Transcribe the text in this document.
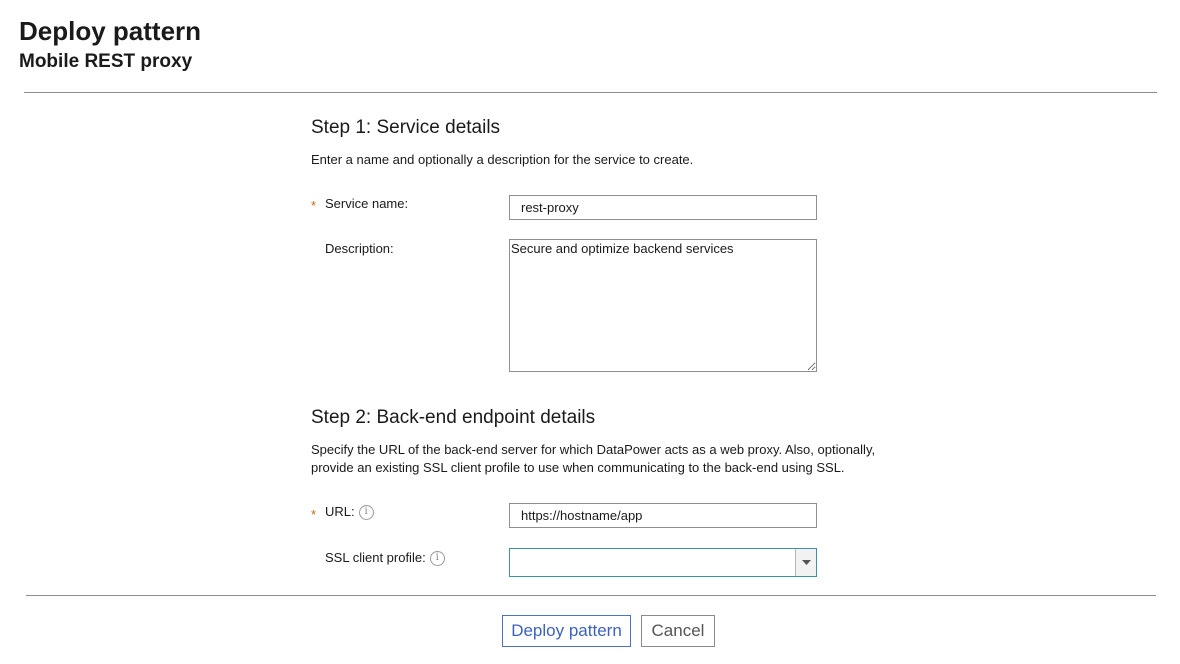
Deploy pattern
Mobile REST proxy
Step 1: Service details

Enter a name and optionally a description for the service to create.

* Service name:
rest-proxy
Description:
Secure and optimize backend services
Step 2: Back-end endpoint details

Specify the URL of the back-end server for which DataPower acts as a web proxy. Also, optionally,

provide an existing SSL client profile to use when communicating to the back-end using SSL.

* URL: i
https://hostname/app
SSL client profile: i
Deploy pattern	Cancel
